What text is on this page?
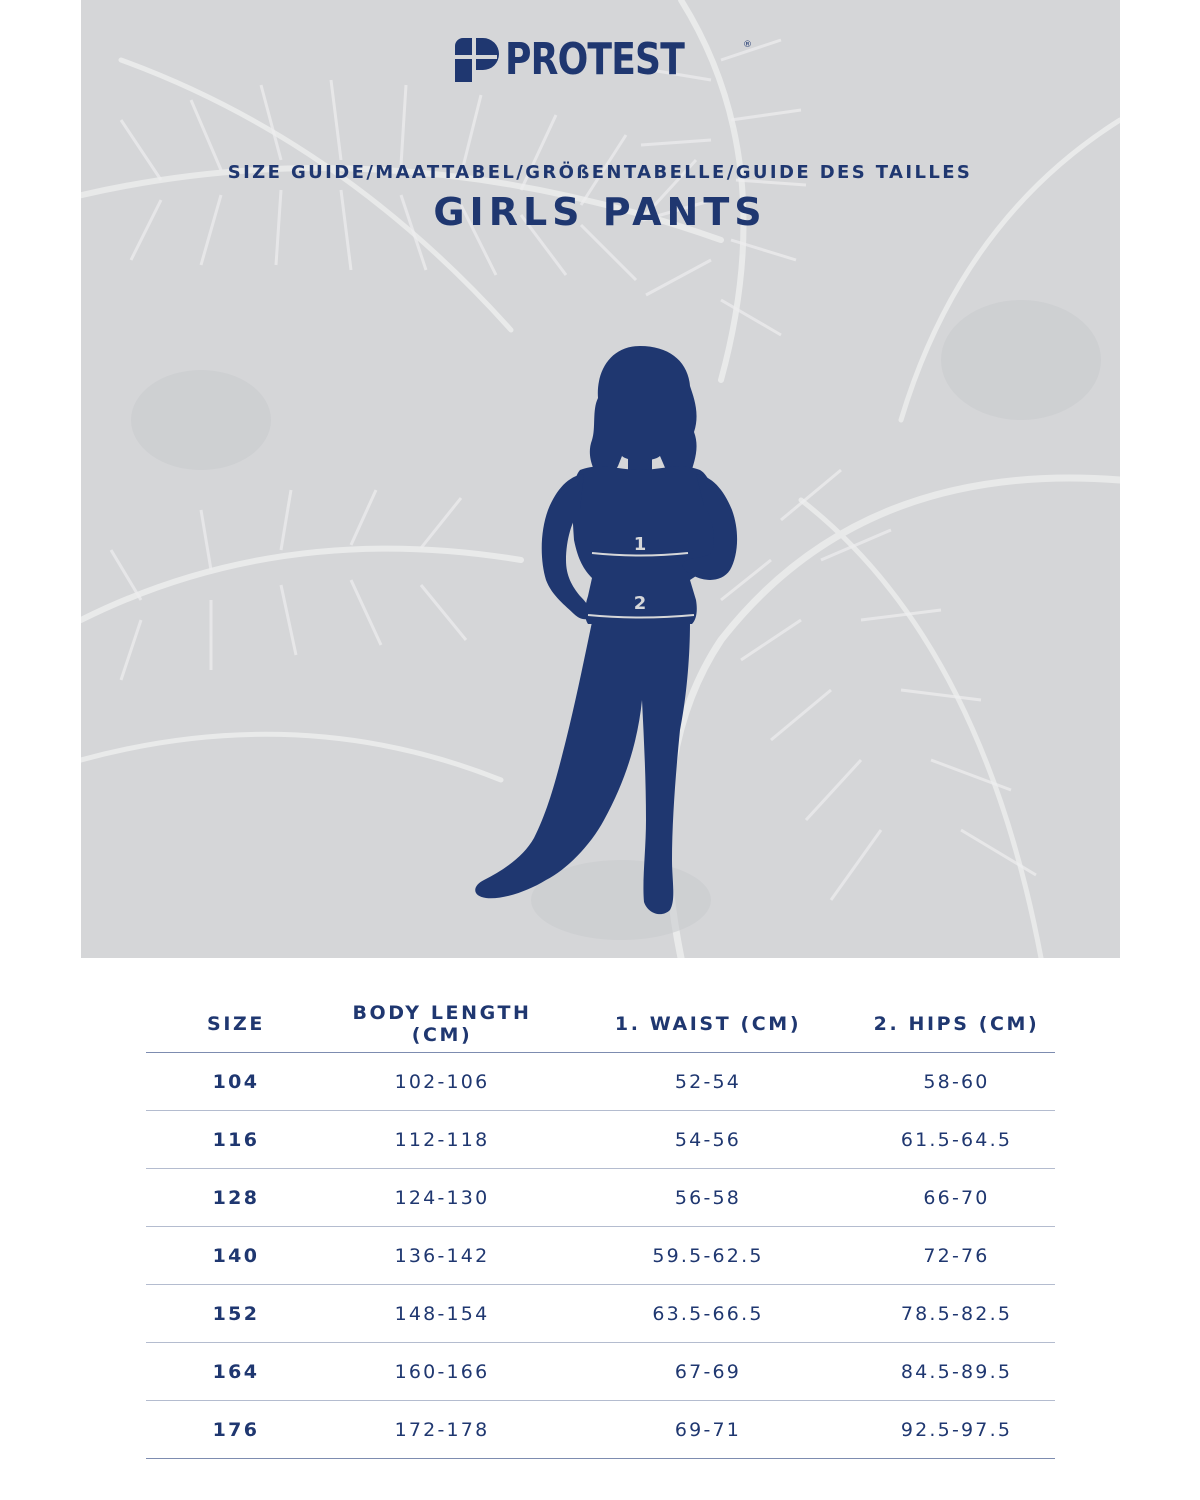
PROTEST	®
SIZE GUIDE/MAATTABEL/GRÖßENTABELLE/GUIDE DES TAILLES
GIRLS PANTS
1
2
SIZE	BODY LENGTH (CM)	1. WAIST (CM)	2. HIPS (CM)
104	102-106	52-54	58-60
116	112-118	54-56	61.5-64.5
128	124-130	56-58	66-70
140	136-142	59.5-62.5	72-76
152	148-154	63.5-66.5	78.5-82.5
164	160-166	67-69	84.5-89.5
176	172-178	69-71	92.5-97.5
